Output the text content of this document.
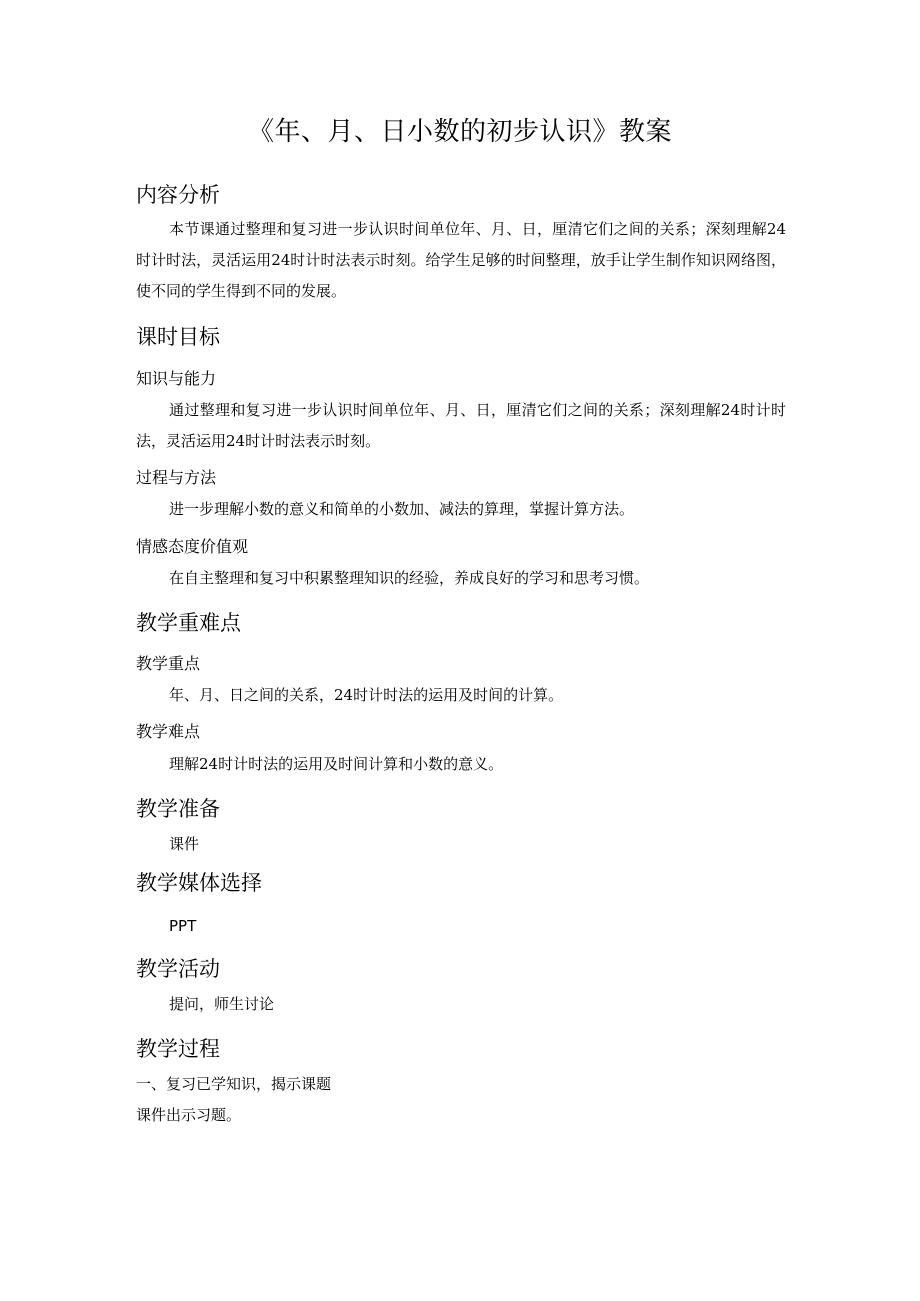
《年、月、日小数的初步认识》教案
内容分析
本节课通过整理和复习进一步认识时间单位年、月、日，厘清它们之间的关系；深刻理解24时计时法，灵活运用24时计时法表示时刻。给学生足够的时间整理，放手让学生制作知识网络图，使不同的学生得到不同的发展。
课时目标
知识与能力
通过整理和复习进一步认识时间单位年、月、日，厘清它们之间的关系；深刻理解24时计时法，灵活运用24时计时法表示时刻。
过程与方法
进一步理解小数的意义和简单的小数加、减法的算理，掌握计算方法。
情感态度价值观
在自主整理和复习中积累整理知识的经验，养成良好的学习和思考习惯。
教学重难点
教学重点
年、月、日之间的关系，24时计时法的运用及时间的计算。
教学难点
理解24时计时法的运用及时间计算和小数的意义。
教学准备
课件
教学媒体选择
PPT
教学活动
提问，师生讨论
教学过程
一、复习已学知识，揭示课题
课件出示习题。
